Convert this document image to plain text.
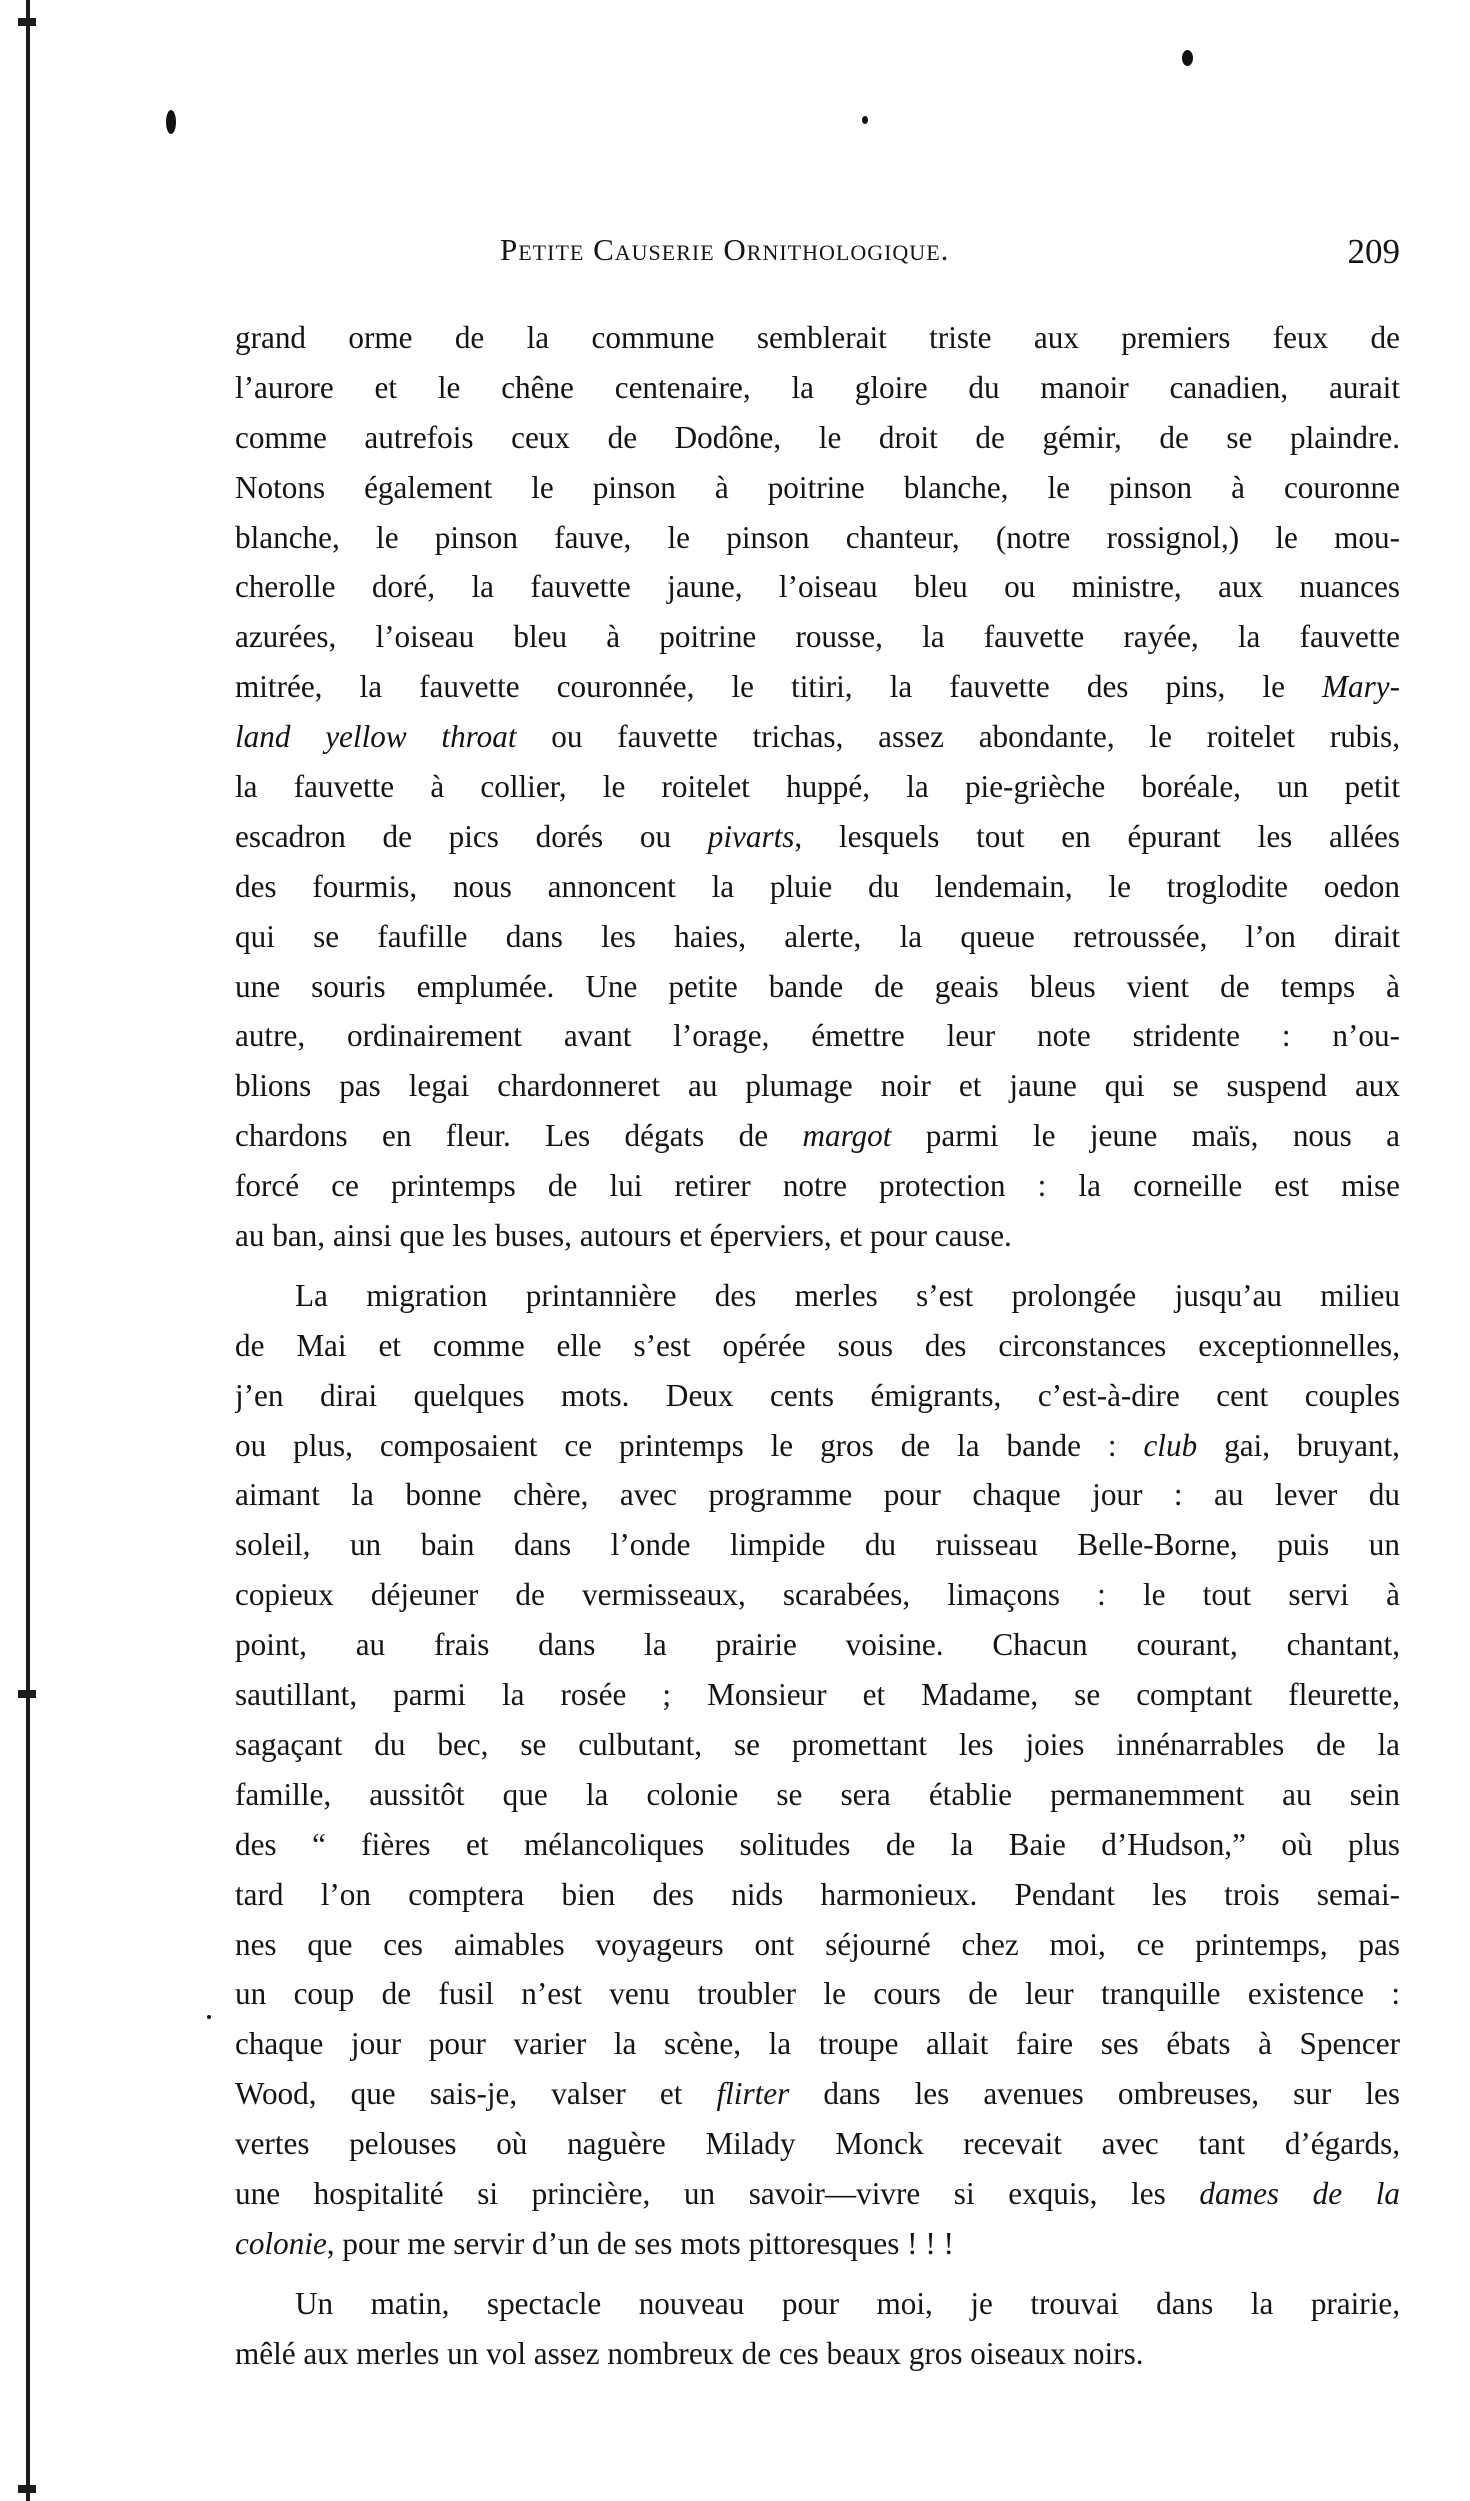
Petite Causerie Ornithologique.	209
grand orme de la commune semblerait triste aux premiers feux de
l’aurore et le chêne centenaire, la gloire du manoir canadien, aurait
comme autrefois ceux de Dodône, le droit de gémir, de se plaindre.
Notons également le pinson à poitrine blanche, le pinson à couronne
blanche, le pinson fauve, le pinson chanteur, (notre rossignol,) le mou-
cherolle doré, la fauvette jaune, l’oiseau bleu ou ministre, aux nuances
azurées, l’oiseau bleu à poitrine rousse, la fauvette rayée, la fauvette
mitrée, la fauvette couronnée, le titiri, la fauvette des pins, le Mary-
land yellow throat ou fauvette trichas, assez abondante, le roitelet rubis,
la fauvette à collier, le roitelet huppé, la pie-grièche boréale, un petit
escadron de pics dorés ou pivarts, lesquels tout en épurant les allées
des fourmis, nous annoncent la pluie du lendemain, le troglodite oedon
qui se faufille dans les haies, alerte, la queue retroussée, l’on dirait
une souris emplumée. Une petite bande de geais bleus vient de temps à
autre, ordinairement avant l’orage, émettre leur note stridente : n’ou-
blions pas legai chardonneret au plumage noir et jaune qui se suspend aux
chardons en fleur. Les dégats de margot parmi le jeune maïs, nous a
forcé ce printemps de lui retirer notre protection : la corneille est mise
au ban, ainsi que les buses, autours et éperviers, et pour cause.
La migration printannière des merles s’est prolongée jusqu’au milieu
de Mai et comme elle s’est opérée sous des circonstances exceptionnelles,
j’en dirai quelques mots. Deux cents émigrants, c’est-à-dire cent couples
ou plus, composaient ce printemps le gros de la bande : club gai, bruyant,
aimant la bonne chère, avec programme pour chaque jour : au lever du
soleil, un bain dans l’onde limpide du ruisseau Belle-Borne, puis un
copieux déjeuner de vermisseaux, scarabées, limaçons : le tout servi à
point, au frais dans la prairie voisine. Chacun courant, chantant,
sautillant, parmi la rosée ; Monsieur et Madame, se comptant fleurette,
sagaçant du bec, se culbutant, se promettant les joies innénarrables de la
famille, aussitôt que la colonie se sera établie permanemment au sein
des “ fières et mélancoliques solitudes de la Baie d’Hudson,” où plus
tard l’on comptera bien des nids harmonieux. Pendant les trois semai-
nes que ces aimables voyageurs ont séjourné chez moi, ce printemps, pas
un coup de fusil n’est venu troubler le cours de leur tranquille existence :
chaque jour pour varier la scène, la troupe allait faire ses ébats à Spencer
Wood, que sais-je, valser et flirter dans les avenues ombreuses, sur les
vertes pelouses où naguère Milady Monck recevait avec tant d’égards,
une hospitalité si princière, un savoir—vivre si exquis, les dames de la
colonie, pour me servir d’un de ses mots pittoresques ! ! !
Un matin, spectacle nouveau pour moi, je trouvai dans la prairie,
mêlé aux merles un vol assez nombreux de ces beaux gros oiseaux noirs.
